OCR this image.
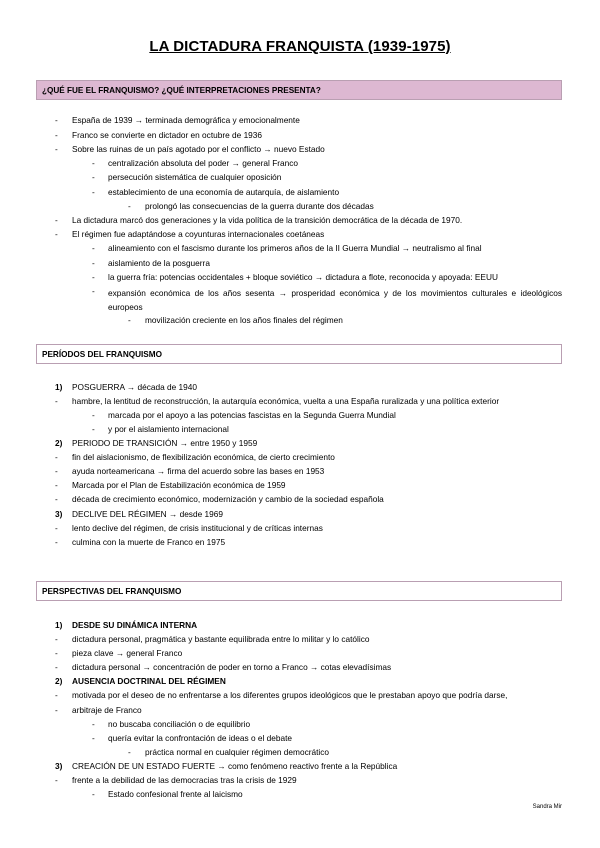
LA DICTADURA FRANQUISTA (1939-1975)
¿QUÉ FUE EL FRANQUISMO? ¿QUÉ INTERPRETACIONES PRESENTA?
- España de 1939 → terminada demográfica y emocionalmente
- Franco se convierte en dictador en octubre de 1936
- Sobre las ruinas de un país agotado por el conflicto → nuevo Estado
- centralización absoluta del poder → general Franco
- persecución sistemática de cualquier oposición
- establecimiento de una economía de autarquía, de aislamiento
- prolongó las consecuencias de la guerra durante dos décadas
- La dictadura marcó dos generaciones y la vida política de la transición democrática de la década de 1970.
- El régimen fue adaptándose a coyunturas internacionales coetáneas
- alineamiento con el fascismo durante los primeros años de la II Guerra Mundial → neutralismo al final
- aislamiento de la posguerra
- la guerra fría: potencias occidentales + bloque soviético → dictadura a flote, reconocida y apoyada: EEUU
- expansión económica de los años sesenta → prosperidad económica y de los movimientos culturales e ideológicos europeos
- movilización creciente en los años finales del régimen
PERÍODOS DEL FRANQUISMO
1) POSGUERRA → década de 1940
- hambre, la lentitud de reconstrucción, la autarquía económica, vuelta a una España ruralizada y una política exterior
- marcada por el apoyo a las potencias fascistas en la Segunda Guerra Mundial
- y por el aislamiento internacional
2) PERIODO DE TRANSICIÓN → entre 1950 y 1959
- fin del aislacionismo, de flexibilización económica, de cierto crecimiento
- ayuda norteamericana → firma del acuerdo sobre las bases en 1953
- Marcada por el Plan de Estabilización económica de 1959
- década de crecimiento económico, modernización y cambio de la sociedad española
3) DECLIVE DEL RÉGIMEN → desde 1969
- lento declive del régimen, de crisis institucional y de críticas internas
- culmina con la muerte de Franco en 1975
PERSPECTIVAS DEL FRANQUISMO
1) DESDE SU DINÁMICA INTERNA
- dictadura personal, pragmática y bastante equilibrada entre lo militar y lo católico
- pieza clave → general Franco
- dictadura personal → concentración de poder en torno a Franco → cotas elevadísimas
2) AUSENCIA DOCTRINAL DEL RÉGIMEN
- motivada por el deseo de no enfrentarse a los diferentes grupos ideológicos que le prestaban apoyo que podría darse,
- arbitraje de Franco
- no buscaba conciliación o de equilibrio
- quería evitar la confrontación de ideas o el debate
- práctica normal en cualquier régimen democrático
3) CREACIÓN DE UN ESTADO FUERTE → como fenómeno reactivo frente a la República
- frente a la debilidad de las democracias tras la crisis de 1929
- Estado confesional frente al laicismo
Sandra Mir
